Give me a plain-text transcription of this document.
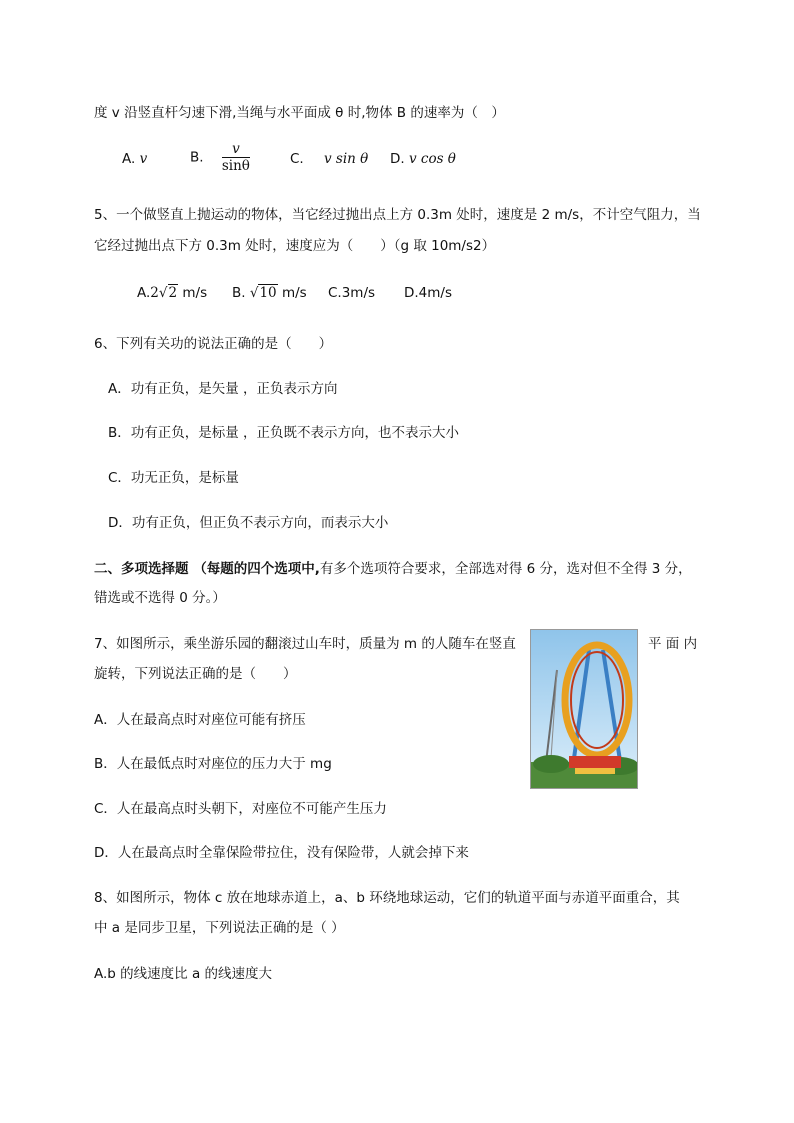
度 v 沿竖直杆匀速下滑,当绳与水平面成 θ 时,物体 B 的速率为（　）
A. v	B. $\frac{v}{\sin\theta}$	C. v sin θ D. v cos θ
5、一个做竖直上抛运动的物体，当它经过抛出点上方 0.3m 处时，速度是 2 m/s，不计空气阻力，当
它经过抛出点下方 0.3m 处时，速度应为（　　）（g 取 10m/s2）
A.2√2 m/s B. √10 m/s C.3m/s D.4m/s
6、下列有关功的说法正确的是（　　）
A．功有正负，是矢量 ，正负表示方向
B．功有正负，是标量 ，正负既不表示方向，也不表示大小
C．功无正负，是标量
D．功有正负，但正负不表示方向，而表示大小
二、多项选择题 （每题的四个选项中,有多个选项符合要求，全部选对得 6 分，选对但不全得 3 分，
错选或不选得 0 分。）
7、如图所示，乘坐游乐园的翻滚过山车时，质量为 m 的人随车在竖直	平 面 内
旋转，下列说法正确的是（　　）
A．人在最高点时对座位可能有挤压
B．人在最低点时对座位的压力大于 mg
C．人在最高点时头朝下，对座位不可能产生压力
D．人在最高点时全靠保险带拉住，没有保险带，人就会掉下来
8、如图所示，物体 c 放在地球赤道上，a、b 环绕地球运动，它们的轨道平面与赤道平面重合，其
中 a 是同步卫星，下列说法正确的是（ ）
A.b 的线速度比 a 的线速度大
